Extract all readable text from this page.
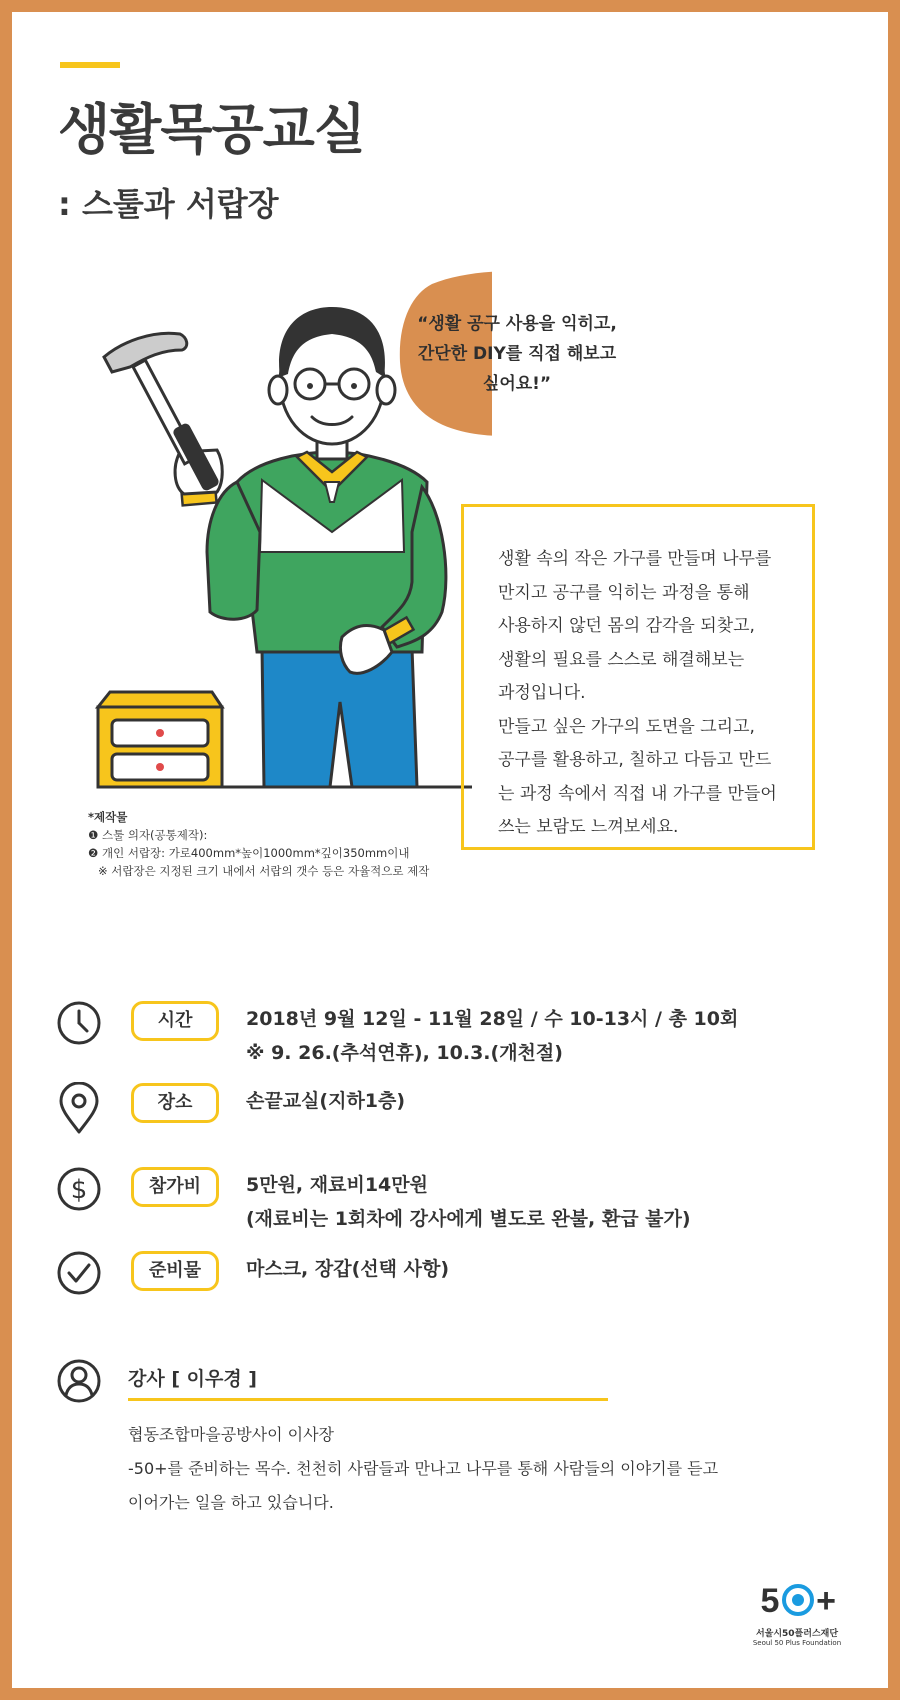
생활목공교실
: 스툴과 서랍장
“생활 공구 사용을 익히고,
간단한 DIY를 직접 해보고
싶어요!”
*제작물
❶ 스툴 의자(공통제작):
❷ 개인 서랍장: 가로400mm*높이1000mm*깊이350mm이내
※ 서랍장은 지정된 크기 내에서 서랍의 갯수 등은 자율적으로 제작

생활 속의 작은 가구를 만들며 나무를

만지고 공구를 익히는 과정을 통해

사용하지 않던 몸의 감각을 되찾고,

생활의 필요를 스스로 해결해보는

과정입니다.

만들고 싶은 가구의 도면을 그리고,

공구를 활용하고, 칠하고 다듬고 만드

는 과정 속에서 직접 내 가구를 만들어

쓰는 보람도 느껴보세요.

시간	2018년 9월 12일 - 11월 28일 / 수 10-13시 / 총 10회
※ 9. 26.(추석연휴), 10.3.(개천절)
장소	손끝교실(지하1층)
$	참가비	5만원, 재료비14만원
(재료비는 1회차에 강사에게 별도로 완불, 환급 불가)
준비물	마스크, 장갑(선택 사항)
강사 [ 이우경 ]
협동조합마을공방사이 이사장
-50+를 준비하는 목수. 천천히 사람들과 만나고 나무를 통해 사람들의 이야기를 듣고
이어가는 일을 하고 있습니다.
5 +
서울시50플러스재단
Seoul 50 Plus Foundation
